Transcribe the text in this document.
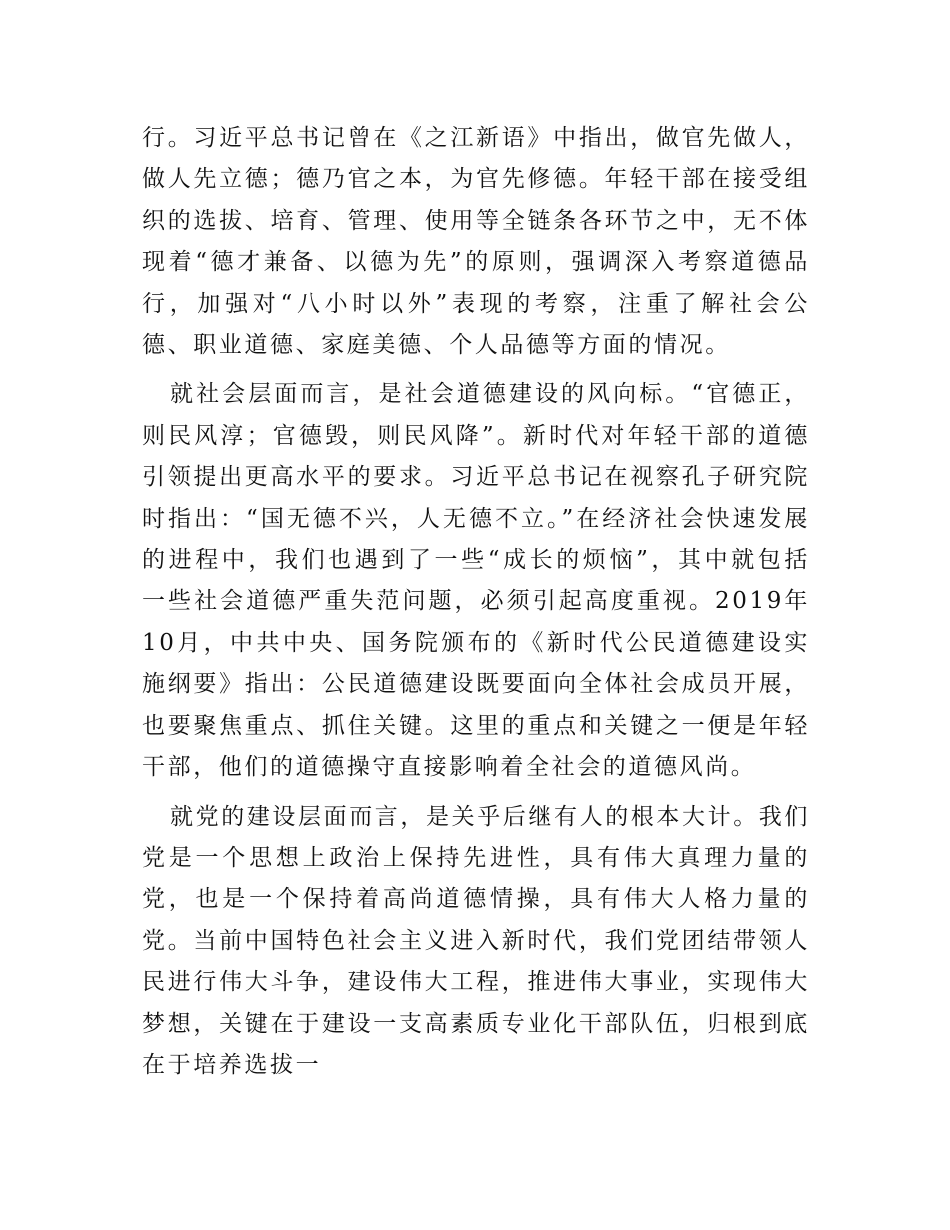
行。习近平总书记曾在《之江新语》中指出，做官先做人，做人先立德；德乃官之本，为官先修德。年轻干部在接受组织的选拔、培育、管理、使用等全链条各环节之中，无不体现着“德才兼备、以德为先”的原则，强调深入考察道德品行，加强对“八小时以外”表现的考察，注重了解社会公德、职业道德、家庭美德、个人品德等方面的情况。

就社会层面而言，是社会道德建设的风向标。“官德正，则民风淳；官德毁，则民风降”。新时代对年轻干部的道德引领提出更高水平的要求。习近平总书记在视察孔子研究院时指出：“国无德不兴，人无德不立。”在经济社会快速发展的进程中，我们也遇到了一些“成长的烦恼”，其中就包括一些社会道德严重失范问题，必须引起高度重视。2019年10月，中共中央、国务院颁布的《新时代公民道德建设实施纲要》指出：公民道德建设既要面向全体社会成员开展，也要聚焦重点、抓住关键。这里的重点和关键之一便是年轻干部，他们的道德操守直接影响着全社会的道德风尚。

就党的建设层面而言，是关乎后继有人的根本大计。我们党是一个思想上政治上保持先进性，具有伟大真理力量的党，也是一个保持着高尚道德情操，具有伟大人格力量的党。当前中国特色社会主义进入新时代，我们党团结带领人民进行伟大斗争，建设伟大工程，推进伟大事业，实现伟大梦想，关键在于建设一支高素质专业化干部队伍，归根到底在于培养选拔一
